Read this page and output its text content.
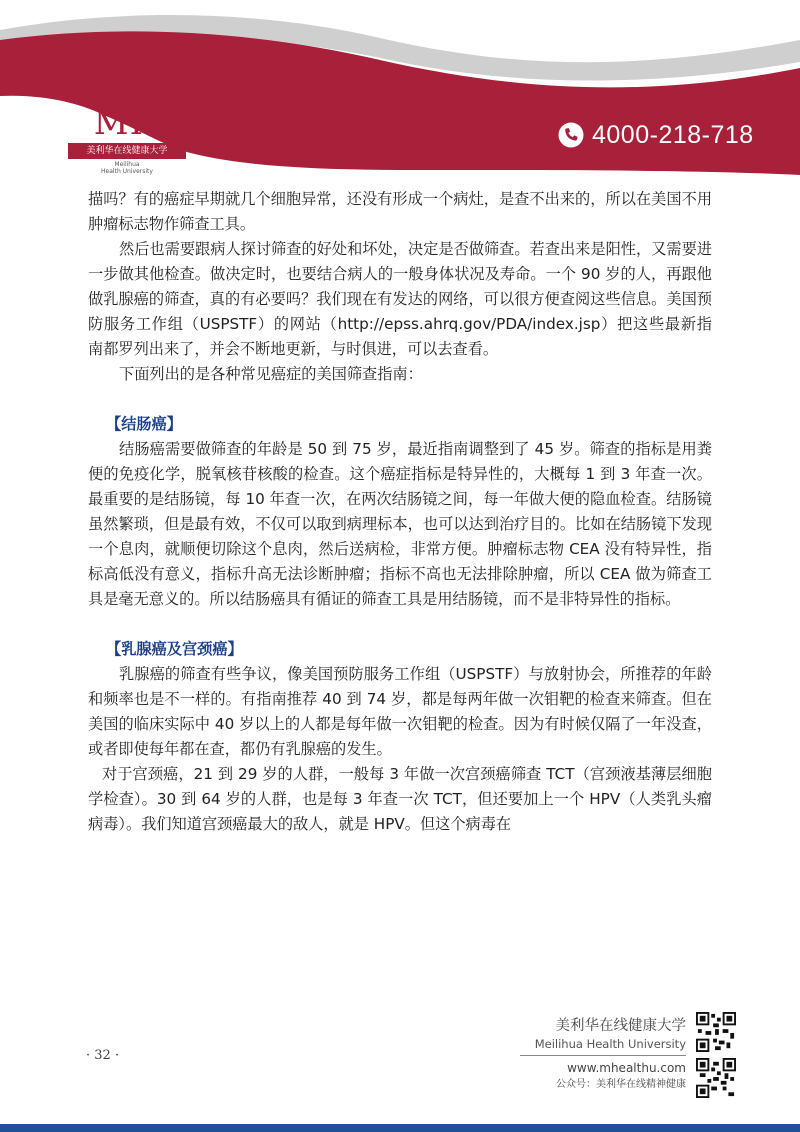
MH
美利华在线健康大学
Meilihua
Health University
4000-218-718

描吗？有的癌症早期就几个细胞异常，还没有形成一个病灶，是查不出来的，所以在美国不用肿瘤标志物作筛查工具。

然后也需要跟病人探讨筛查的好处和坏处，决定是否做筛查。若查出来是阳性，又需要进一步做其他检查。做决定时，也要结合病人的一般身体状况及寿命。一个 90 岁的人，再跟他做乳腺癌的筛查，真的有必要吗？我们现在有发达的网络，可以很方便查阅这些信息。美国预防服务工作组（USPSTF）的网站（http://epss.ahrq.gov/PDA/index.jsp）把这些最新指南都罗列出来了，并会不断地更新，与时俱进，可以去查看。

下面列出的是各种常见癌症的美国筛查指南：

【结肠癌】

结肠癌需要做筛查的年龄是 50 到 75 岁，最近指南调整到了 45 岁。筛查的指标是用粪便的免疫化学，脱氧核苷核酸的检查。这个癌症指标是特异性的，大概每 1 到 3 年查一次。最重要的是结肠镜，每 10 年查一次，在两次结肠镜之间，每一年做大便的隐血检查。结肠镜虽然繁琐，但是最有效，不仅可以取到病理标本，也可以达到治疗目的。比如在结肠镜下发现一个息肉，就顺便切除这个息肉，然后送病检，非常方便。肿瘤标志物 CEA 没有特异性，指标高低没有意义，指标升高无法诊断肿瘤；指标不高也无法排除肿瘤，所以 CEA 做为筛查工具是毫无意义的。所以结肠癌具有循证的筛查工具是用结肠镜，而不是非特异性的指标。

【乳腺癌及宫颈癌】

乳腺癌的筛查有些争议，像美国预防服务工作组（USPSTF）与放射协会，所推荐的年龄和频率也是不一样的。有指南推荐 40 到 74 岁，都是每两年做一次钼靶的检查来筛查。但在美国的临床实际中 40 岁以上的人都是每年做一次钼靶的检查。因为有时候仅隔了一年没查，或者即使每年都在查，都仍有乳腺癌的发生。

对于宫颈癌，21 到 29 岁的人群，一般每 3 年做一次宫颈癌筛查 TCT（宫颈液基薄层细胞学检查）。30 到 64 岁的人群，也是每 3 年查一次 TCT，但还要加上一个 HPV（人类乳头瘤病毒）。我们知道宫颈癌最大的敌人，就是 HPV。但这个病毒在

· 32 ·
美利华在线健康大学
Meilihua Health University
www.mhealthu.com
公众号：美利华在线精神健康
